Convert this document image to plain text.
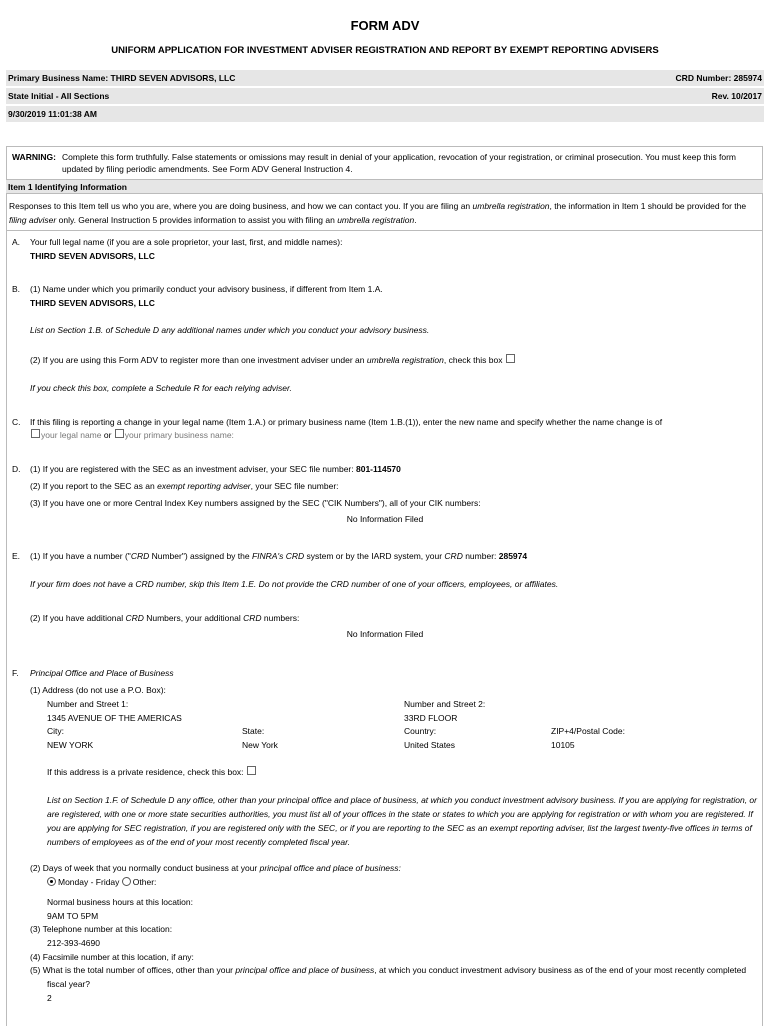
FORM ADV
UNIFORM APPLICATION FOR INVESTMENT ADVISER REGISTRATION AND REPORT BY EXEMPT REPORTING ADVISERS
Primary Business Name: THIRD SEVEN ADVISORS, LLC	CRD Number: 285974
State Initial - All Sections	Rev. 10/2017
9/30/2019 11:01:38 AM
WARNING: Complete this form truthfully. False statements or omissions may result in denial of your application, revocation of your registration, or criminal prosecution. You must keep this form updated by filing periodic amendments. See Form ADV General Instruction 4.
Item 1 Identifying Information
Responses to this Item tell us who you are, where you are doing business, and how we can contact you. If you are filing an umbrella registration, the information in Item 1 should be provided for the filing adviser only. General Instruction 5 provides information to assist you with filing an umbrella registration.
A. Your full legal name (if you are a sole proprietor, your last, first, and middle names):
THIRD SEVEN ADVISORS, LLC
B. (1) Name under which you primarily conduct your advisory business, if different from Item 1.A.
THIRD SEVEN ADVISORS, LLC
List on Section 1.B. of Schedule D any additional names under which you conduct your advisory business.
(2) If you are using this Form ADV to register more than one investment adviser under an umbrella registration, check this box
If you check this box, complete a Schedule R for each relying adviser.
C. If this filing is reporting a change in your legal name (Item 1.A.) or primary business name (Item 1.B.(1)), enter the new name and specify whether the name change is of
your legal name or your primary business name:
D. (1) If you are registered with the SEC as an investment adviser, your SEC file number: 801-114570
(2) If you report to the SEC as an exempt reporting adviser, your SEC file number:
(3) If you have one or more Central Index Key numbers assigned by the SEC ("CIK Numbers"), all of your CIK numbers:
No Information Filed
E. (1) If you have a number ("CRD Number") assigned by the FINRA's CRD system or by the IARD system, your CRD number: 285974
If your firm does not have a CRD number, skip this Item 1.E. Do not provide the CRD number of one of your officers, employees, or affiliates.
(2) If you have additional CRD Numbers, your additional CRD numbers:
No Information Filed
F. Principal Office and Place of Business
(1) Address (do not use a P.O. Box):
Number and Street 1:
1345 AVENUE OF THE AMERICAS
Number and Street 2:
33RD FLOOR
City:
NEW YORK
State:
New York
Country:
United States
ZIP+4/Postal Code:
10105
If this address is a private residence, check this box:
List on Section 1.F. of Schedule D any office, other than your principal office and place of business, at which you conduct investment advisory business. If you are applying for registration, or are registered, with one or more state securities authorities, you must list all of your offices in the state or states to which you are applying for registration or with whom you are registered. If you are applying for SEC registration, if you are registered only with the SEC, or if you are reporting to the SEC as an exempt reporting adviser, list the largest twenty-five offices in terms of numbers of employees as of the end of your most recently completed fiscal year.
(2) Days of week that you normally conduct business at your principal office and place of business:
Monday - Friday Other:
Normal business hours at this location:
9AM TO 5PM
(3) Telephone number at this location:
212-393-4690
(4) Facsimile number at this location, if any:
(5) What is the total number of offices, other than your principal office and place of business, at which you conduct investment advisory business as of the end of your most recently completed fiscal year?
2
